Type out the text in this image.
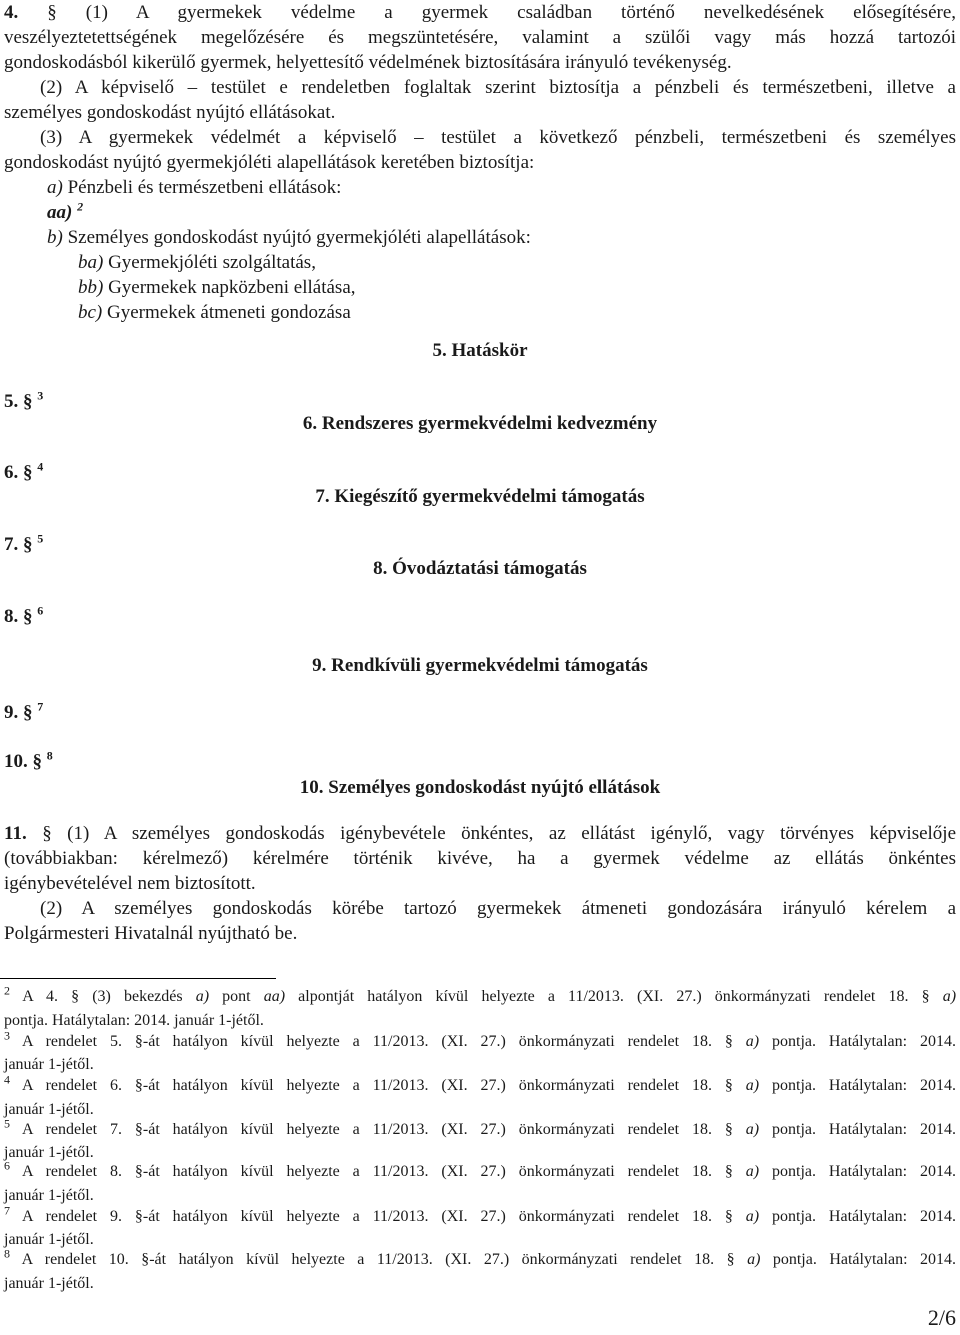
4. § (1) A gyermekek védelme a gyermek családban történő nevelkedésének elősegítésére,
veszélyeztetettségének megelőzésére és megszüntetésére, valamint a szülői vagy más hozzá tartozói
gondoskodásból kikerülő gyermek, helyettesítő védelmének biztosítására irányuló tevékenység.
(2) A képviselő – testület e rendeletben foglaltak szerint biztosítja a pénzbeli és természetbeni, illetve a
személyes gondoskodást nyújtó ellátásokat.
(3) A gyermekek védelmét a képviselő – testület a következő pénzbeli, természetbeni és személyes
gondoskodást nyújtó gyermekjóléti alapellátások keretében biztosítja:
a) Pénzbeli és természetbeni ellátások:
aa) $^2$
b) Személyes gondoskodást nyújtó gyermekjóléti alapellátások:
ba) Gyermekjóléti szolgáltatás,
bb) Gyermekek napközbeni ellátása,
bc) Gyermekek átmeneti gondozása
5. Hatáskör
6. Rendszeres gyermekvédelmi kedvezmény
7. Kiegészítő gyermekvédelmi támogatás
8. Óvodáztatási támogatás
9. Rendkívüli gyermekvédelmi támogatás
10. Személyes gondoskodást nyújtó ellátások
5. § $^3$
6. § $^4$
7. § $^5$
8. § $^6$
9. § $^7$
10. § $^8$
11. § (1) A személyes gondoskodás igénybevétele önkéntes, az ellátást igénylő, vagy törvényes képviselője
(továbbiakban: kérelmező) kérelmére történik kivéve, ha a gyermek védelme az ellátás önkéntes
igénybevételével nem biztosított.
(2) A személyes gondoskodás körébe tartozó gyermekek átmeneti gondozására irányuló kérelem a
Polgármesteri Hivatalnál nyújtható be.
$^2$ A 4. § (3) bekezdés a) pont aa) alpontját hatályon kívül helyezte a 11/2013. (XI. 27.) önkormányzati rendelet 18. § a)
pontja. Hatálytalan: 2014. január 1-jétől.
$^3$ A rendelet 5. §-át hatályon kívül helyezte a 11/2013. (XI. 27.) önkormányzati rendelet 18. § a) pontja. Hatálytalan: 2014.
január 1-jétől.
$^4$ A rendelet 6. §-át hatályon kívül helyezte a 11/2013. (XI. 27.) önkormányzati rendelet 18. § a) pontja. Hatálytalan: 2014.
január 1-jétől.
$^5$ A rendelet 7. §-át hatályon kívül helyezte a 11/2013. (XI. 27.) önkormányzati rendelet 18. § a) pontja. Hatálytalan: 2014.
január 1-jétől.
$^6$ A rendelet 8. §-át hatályon kívül helyezte a 11/2013. (XI. 27.) önkormányzati rendelet 18. § a) pontja. Hatálytalan: 2014.
január 1-jétől.
$^7$ A rendelet 9. §-át hatályon kívül helyezte a 11/2013. (XI. 27.) önkormányzati rendelet 18. § a) pontja. Hatálytalan: 2014.
január 1-jétől.
$^8$ A rendelet 10. §-át hatályon kívül helyezte a 11/2013. (XI. 27.) önkormányzati rendelet 18. § a) pontja. Hatálytalan: 2014.
január 1-jétől.
2/6
